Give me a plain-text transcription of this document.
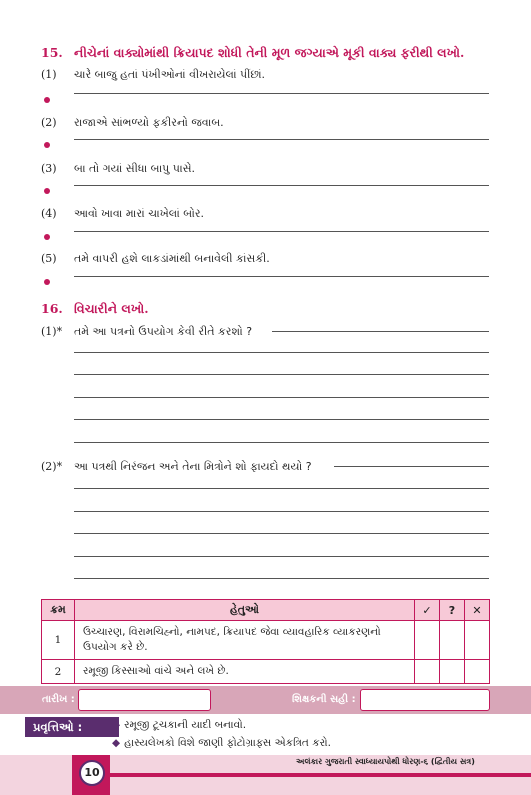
15. નીચેનાં વાક્યોમાંથી ક્રિયાપદ શોધી તેની મૂળ જગ્યાએ મૂકી વાક્ય ફરીથી લખો.
(1) ચારે બાજુ હતાં પંખીઓનાં વીખરાયેલાં પીંછાં.
(2) રાજાએ સાંભળ્યો ફકીરનો જવાબ.
(3) બા તો ગયાં સીધા બાપુ પાસે.
(4) આવો ખાવા મારાં ચાખેલાં બોર.
(5) તમે વાપરી હશે લાકડાંમાંથી બનાવેલી કાંસકી.
16. વિચારીને લખો.
(1)* તમે આ પત્રનો ઉપયોગ કેવી રીતે કરશો ?
(2)* આ પત્રથી નિરંજન અને તેના મિત્રોને શો ફાયદો થયો ?
ક્રમ	હેતુઓ	✓	?	✕
1	ઉચ્ચારણ, વિરામચિહ્નો, નામપદ, ક્રિયાપદ જેવા વ્યાવહારિક વ્યાકરણનો ઉપયોગ કરે છે.			
2	રમૂજી કિસ્સાઓ વાંચે અને લખે છે.			
તારીખ :	શિક્ષકની સહી :
પ્રવૃત્તિઓ :	◆ રમૂજી ટૂચકાની યાદી બનાવો.
◆ હાસ્યલેખકો વિશે જાણી ફોટોગ્રાફ્સ એકત્રિત કરો.
10
અલંકાર ગુજરાતી સ્વાધ્યાયપોથી ધોરણ-૬ (દ્વિતીય સત્ર)
